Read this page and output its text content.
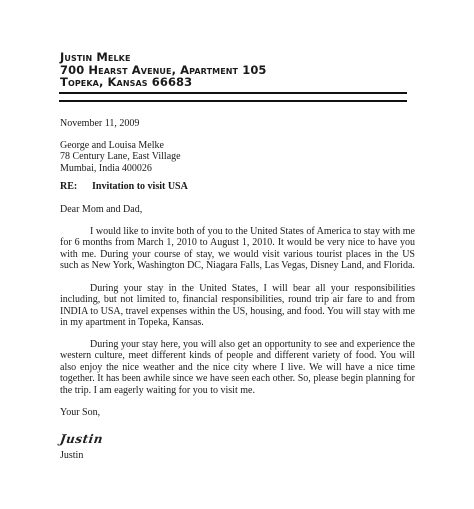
Justin Melke
700 Hearst Avenue, Apartment 105
Topeka, Kansas 66683
November 11, 2009
George and Louisa Melke
78 Century Lane, East Village
Mumbai, India 400026
RE: Invitation to visit USA
Dear Mom and Dad,
I would like to invite both of you to the United States of America to stay with me for 6 months from March 1, 2010 to August 1, 2010. It would be very nice to have you with me. During your course of stay, we would visit various tourist places in the US such as New York, Washington DC, Niagara Falls, Las Vegas, Disney Land, and Florida.
During your stay in the United States, I will bear all your responsibilities including, but not limited to, financial responsibilities, round trip air fare to and from INDIA to USA, travel expenses within the US, housing, and food. You will stay with me in my apartment in Topeka, Kansas.
During your stay here, you will also get an opportunity to see and experience the western culture, meet different kinds of people and different variety of food. You will also enjoy the nice weather and the nice city where I live. We will have a nice time together. It has been awhile since we have seen each other. So, please begin planning for the trip. I am eagerly waiting for you to visit me.
Your Son,
Justin
Justin
